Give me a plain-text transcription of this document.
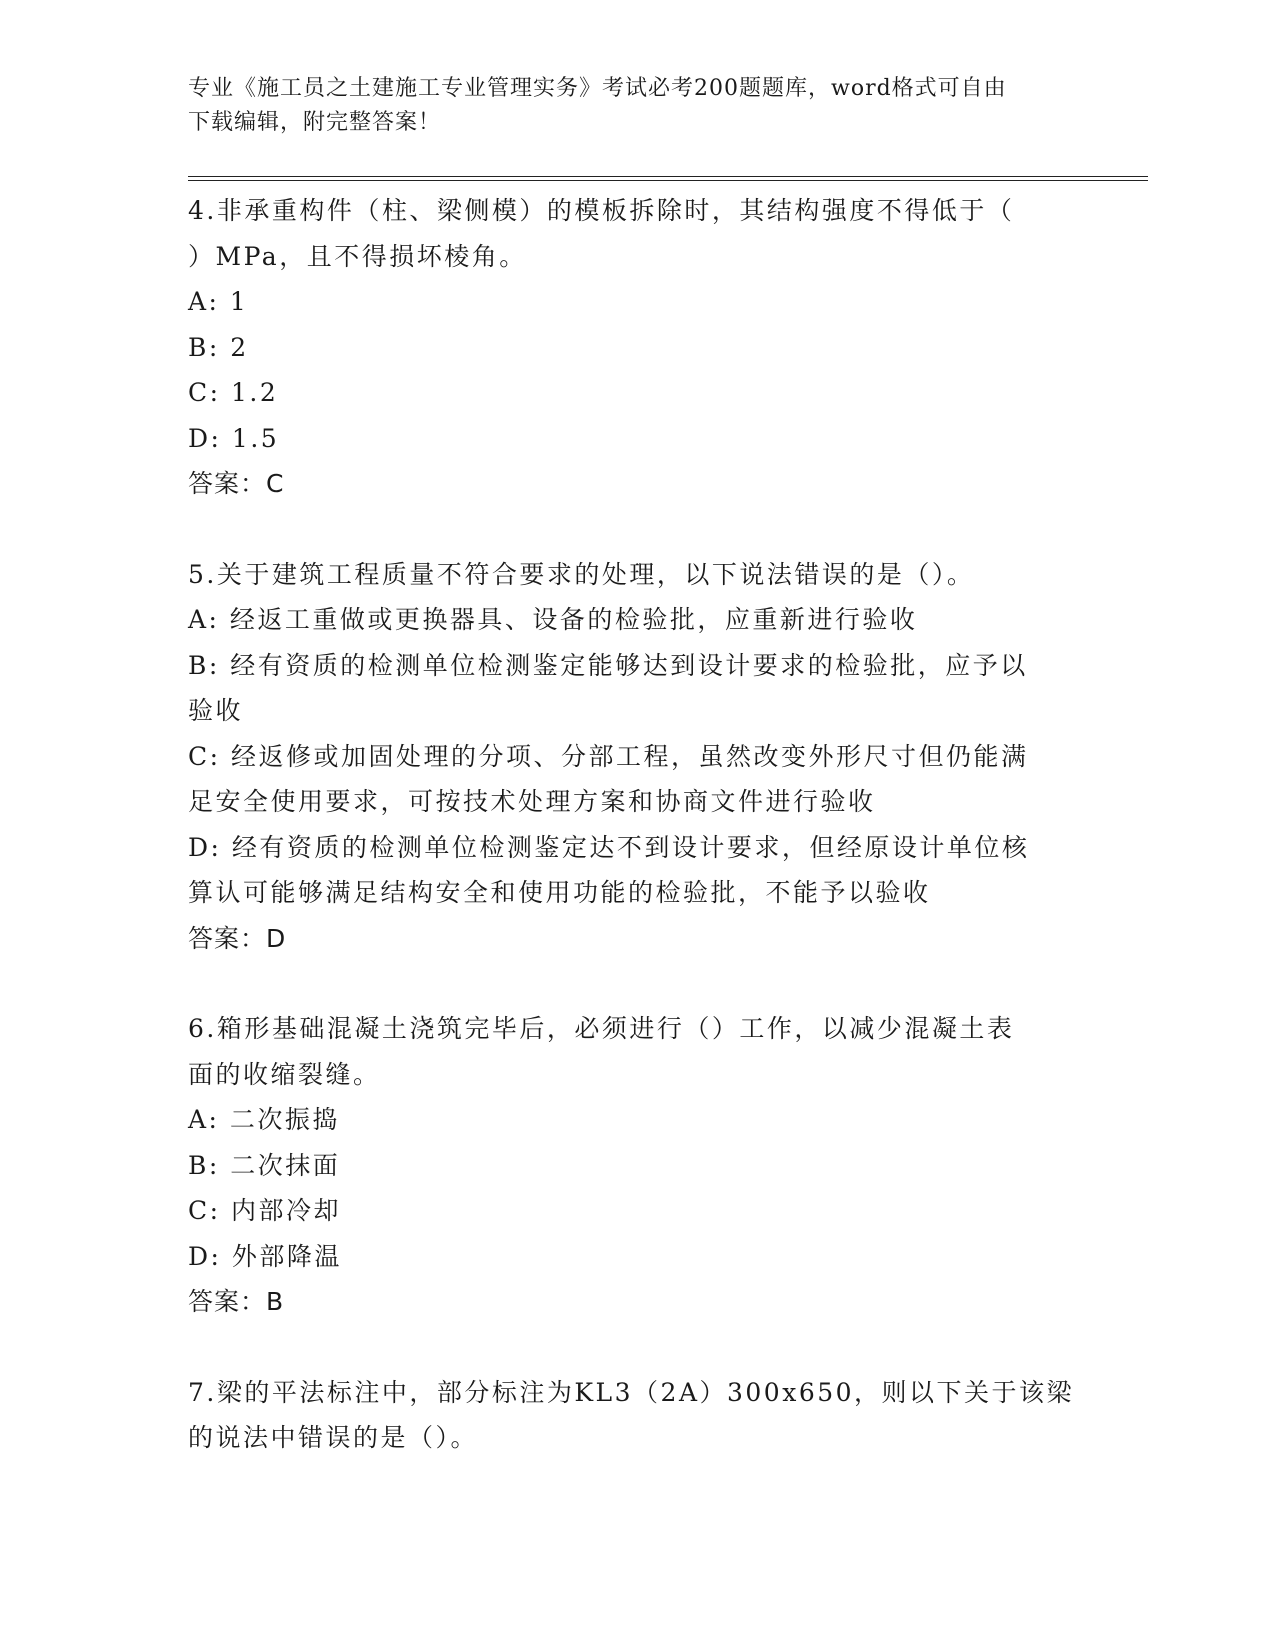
专业《施工员之土建施工专业管理实务》考试必考200题题库，word格式可自由
下载编辑，附完整答案！
4.非承重构件（柱、梁侧模）的模板拆除时，其结构强度不得低于（
）MPa，且不得损坏棱角。
A: 1
B: 2
C: 1.2
D: 1.5
答案：C
5.关于建筑工程质量不符合要求的处理，以下说法错误的是（）。
A: 经返工重做或更换器具、设备的检验批，应重新进行验收
B: 经有资质的检测单位检测鉴定能够达到设计要求的检验批，应予以
验收
C: 经返修或加固处理的分项、分部工程，虽然改变外形尺寸但仍能满
足安全使用要求，可按技术处理方案和协商文件进行验收
D: 经有资质的检测单位检测鉴定达不到设计要求，但经原设计单位核
算认可能够满足结构安全和使用功能的检验批，不能予以验收
答案：D
6.箱形基础混凝土浇筑完毕后，必须进行（）工作，以减少混凝土表
面的收缩裂缝。
A: 二次振捣
B: 二次抹面
C: 内部冷却
D: 外部降温
答案：B
7.梁的平法标注中，部分标注为KL3（2A）300x650，则以下关于该梁
的说法中错误的是（）。
